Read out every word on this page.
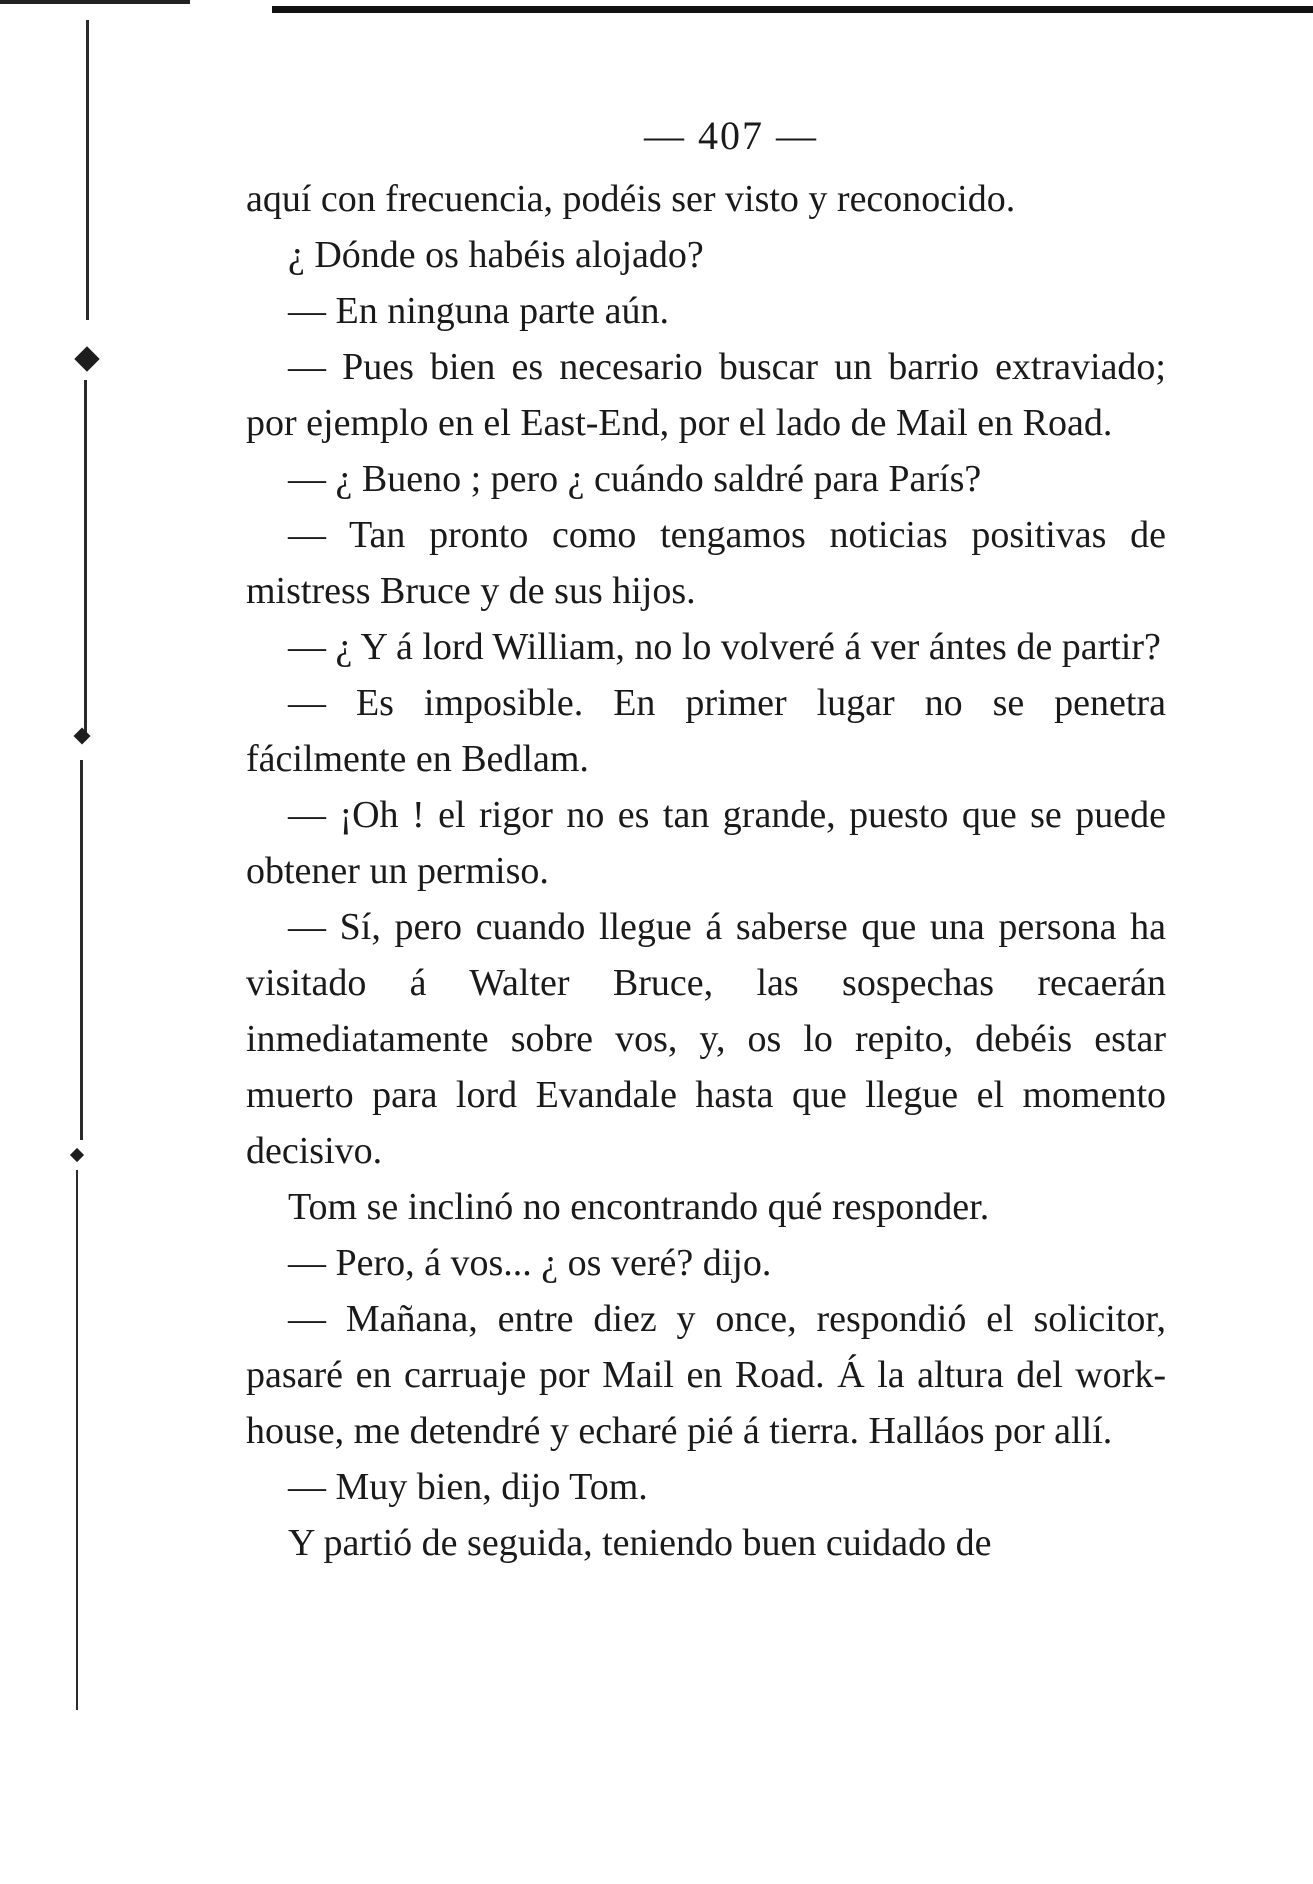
— 407 —

aquí con frecuencia, podéis ser visto y reconocido.

¿ Dónde os habéis alojado?

— En ninguna parte aún.

— Pues bien es necesario buscar un barrio extraviado; por ejemplo en el East-End, por el lado de Mail en Road.

— ¿ Bueno ; pero ¿ cuándo saldré para París?

— Tan pronto como tengamos noticias positivas de mistress Bruce y de sus hijos.

— ¿ Y á lord William, no lo volveré á ver ántes de partir?

— Es imposible. En primer lugar no se penetra fácilmente en Bedlam.

— ¡Oh ! el rigor no es tan grande, puesto que se puede obtener un permiso.

— Sí, pero cuando llegue á saberse que una persona ha visitado á Walter Bruce, las sospechas recaerán inmediatamente sobre vos, y, os lo repito, debéis estar muerto para lord Evandale hasta que llegue el momento decisivo.

Tom se inclinó no encontrando qué responder.

— Pero, á vos... ¿ os veré? dijo.

— Mañana, entre diez y once, respondió el solicitor, pasaré en carruaje por Mail en Road. Á la altura del work-house, me detendré y echaré pié á tierra. Halláos por allí.

— Muy bien, dijo Tom.

Y partió de seguida, teniendo buen cuidado de
